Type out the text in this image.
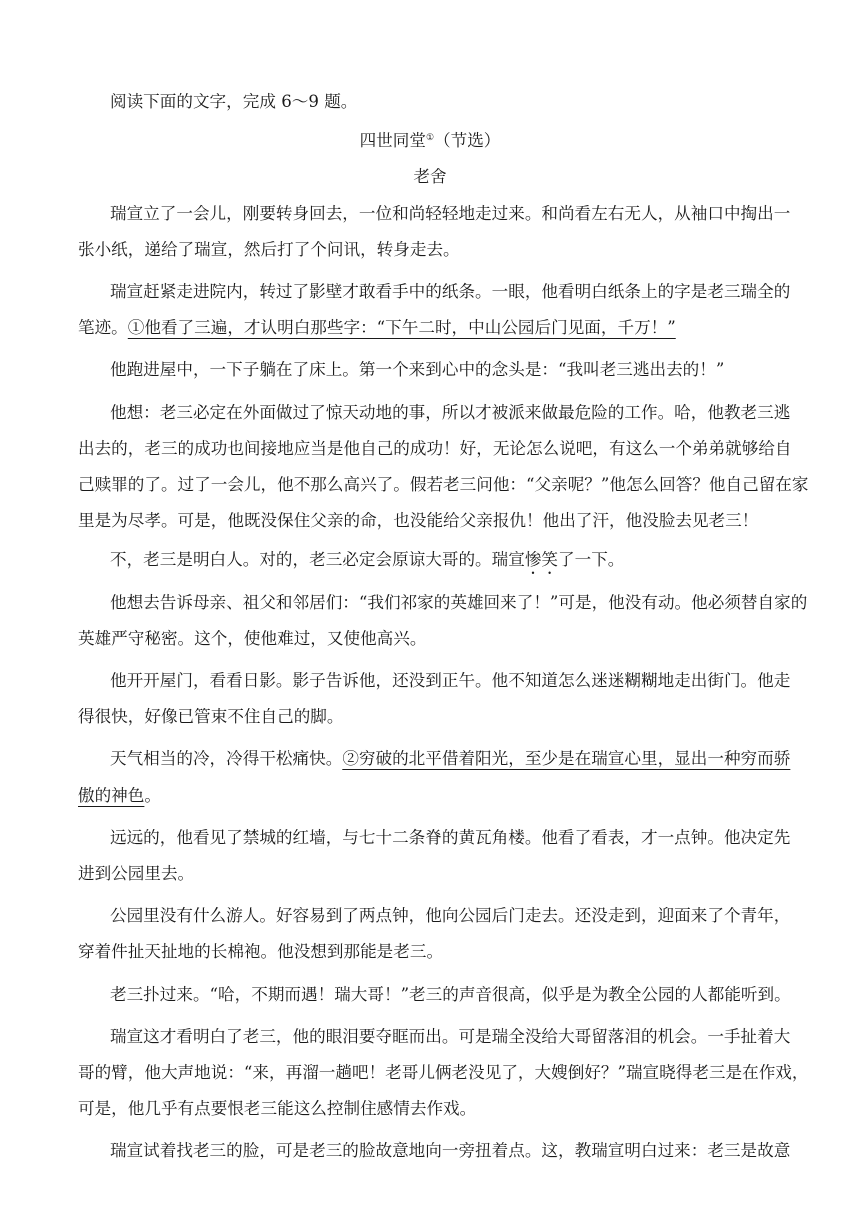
阅读下面的文字，完成 6～9 题。
四世同堂①（节选）
老舍
瑞宣立了一会儿，刚要转身回去，一位和尚轻轻地走过来。和尚看左右无人，从袖口中掏出一
张小纸，递给了瑞宣，然后打了个问讯，转身走去。
瑞宣赶紧走进院内，转过了影壁才敢看手中的纸条。一眼，他看明白纸条上的字是老三瑞全的
笔迹。①他看了三遍，才认明白那些字：“下午二时，中山公园后门见面，千万！”
他跑进屋中，一下子躺在了床上。第一个来到心中的念头是：“我叫老三逃出去的！”
他想：老三必定在外面做过了惊天动地的事，所以才被派来做最危险的工作。哈，他教老三逃
出去的，老三的成功也间接地应当是他自己的成功！好，无论怎么说吧，有这么一个弟弟就够给自
己赎罪的了。过了一会儿，他不那么高兴了。假若老三问他：“父亲呢？”他怎么回答？他自己留在家
里是为尽孝。可是，他既没保住父亲的命，也没能给父亲报仇！他出了汗，他没脸去见老三！
不，老三是明白人。对的，老三必定会原谅大哥的。瑞宣惨笑了一下。
他想去告诉母亲、祖父和邻居们：“我们祁家的英雄回来了！”可是，他没有动。他必须替自家的
英雄严守秘密。这个，使他难过，又使他高兴。
他开开屋门，看看日影。影子告诉他，还没到正午。他不知道怎么迷迷糊糊地走出街门。他走
得很快，好像已管束不住自己的脚。
天气相当的冷，冷得干松痛快。②穷破的北平借着阳光，至少是在瑞宣心里，显出一种穷而骄
傲的神色。
远远的，他看见了禁城的红墙，与七十二条脊的黄瓦角楼。他看了看表，才一点钟。他决定先
进到公园里去。
公园里没有什么游人。好容易到了两点钟，他向公园后门走去。还没走到，迎面来了个青年，
穿着件扯天扯地的长棉袍。他没想到那能是老三。
老三扑过来。“哈，不期而遇！瑞大哥！”老三的声音很高，似乎是为教全公园的人都能听到。
瑞宣这才看明白了老三，他的眼泪要夺眶而出。可是瑞全没给大哥留落泪的机会。一手扯着大
哥的臂，他大声地说：“来，再溜一趟吧！老哥儿俩老没见了，大嫂倒好？”瑞宣晓得老三是在作戏，
可是，他几乎有点要恨老三能这么控制住感情去作戏。
瑞宣试着找老三的脸，可是老三的脸故意地向一旁扭着点。这，教瑞宣明白过来：老三是故意
